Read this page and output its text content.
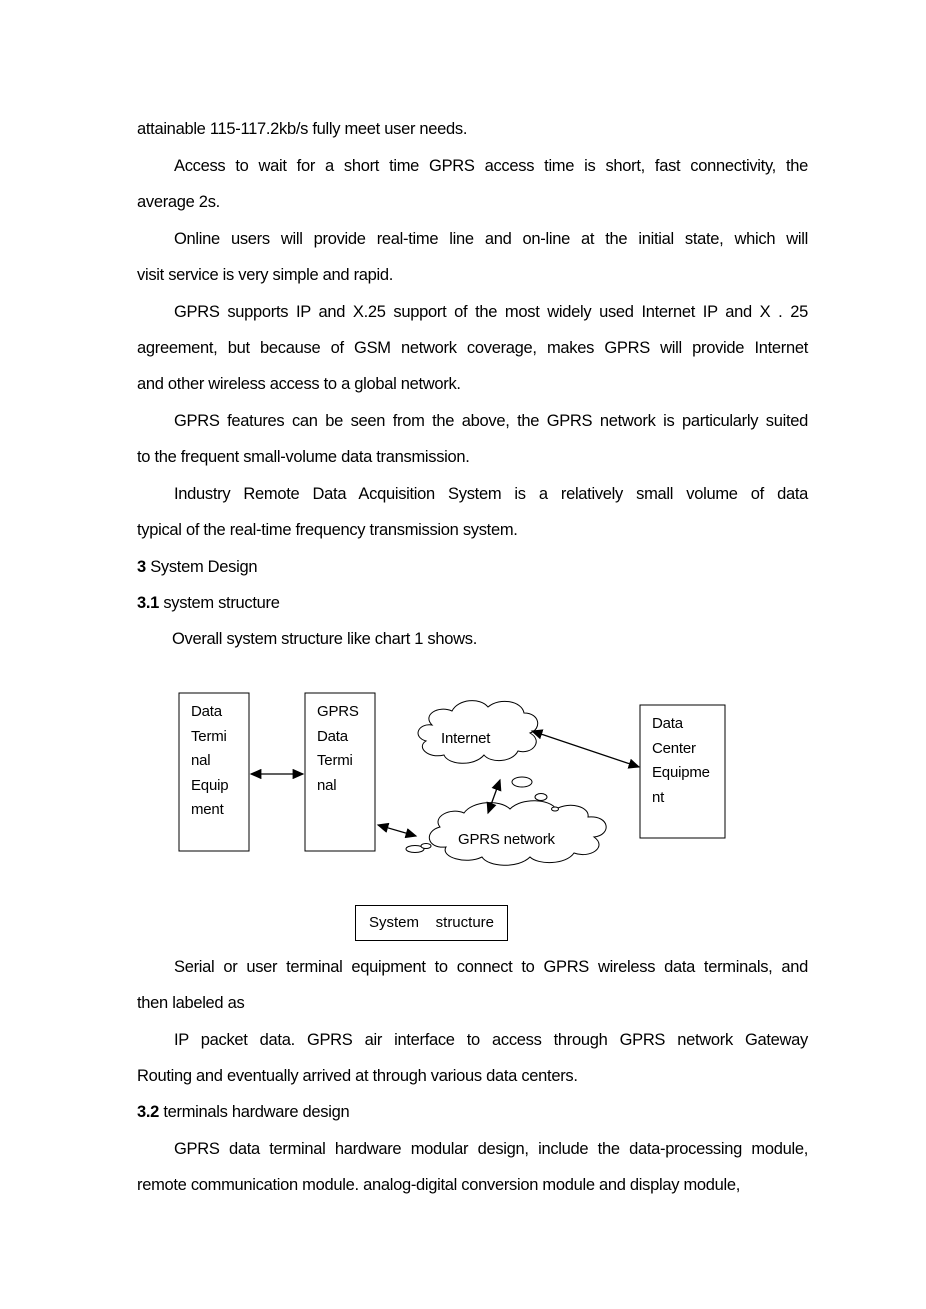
attainable 115-117.2kb/s fully meet user needs.
Access to wait for a short time GPRS access time is short, fast connectivity, the
average 2s.
Online users will provide real-time line and on-line at the initial state, which will
visit service is very simple and rapid.
GPRS supports IP and X.25 support of the most widely used Internet IP and X . 25
agreement, but because of GSM network coverage, makes GPRS will provide Internet
and other wireless access to a global network.
GPRS features can be seen from the above, the GPRS network is particularly suited
to the frequent small-volume data transmission.
Industry Remote Data Acquisition System is a relatively small volume of data
typical of the real-time frequency transmission system.
3 System Design
3.1 system structure
Overall system structure like chart 1 shows.
Data
Termi
nal
Equip
ment
GPRS
Data
Termi
nal
Data
Center
Equipme
nt
Internet
GPRS network
System    structure
Serial or user terminal equipment to connect to GPRS wireless data terminals, and
then labeled as
IP packet data. GPRS air interface to access through GPRS network Gateway
Routing and eventually arrived at through various data centers.
3.2 terminals hardware design
GPRS data terminal hardware modular design, include the data-processing module,
remote communication module. analog-digital conversion module and display module,
